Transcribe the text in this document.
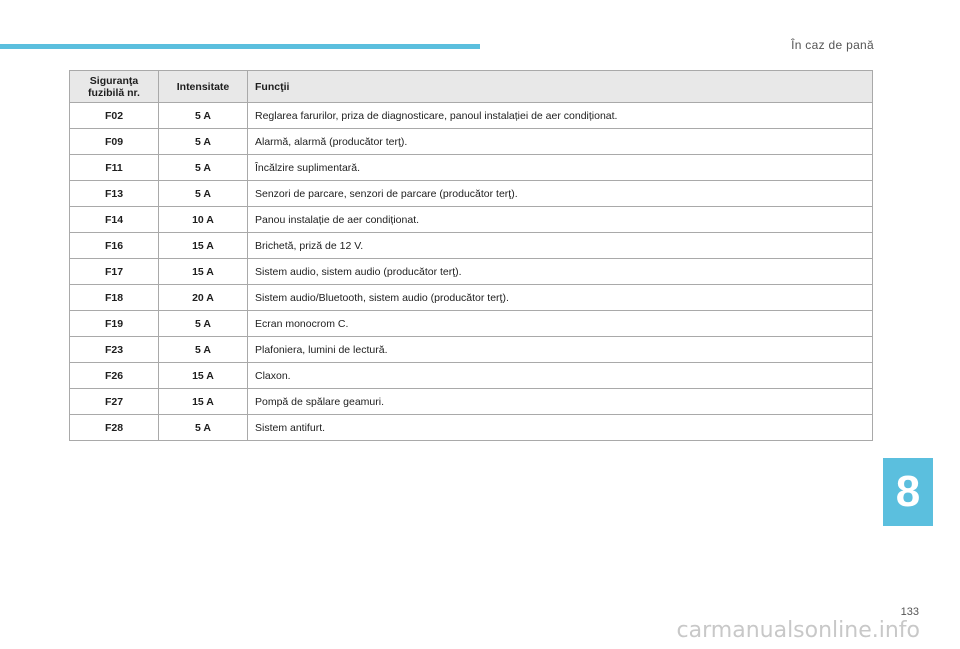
În caz de pană
Siguranţa fuzibilă nr.	Intensitate	Funcţii
F02	5 A	Reglarea farurilor, priza de diagnosticare, panoul instalației de aer condiționat.
F09	5 A	Alarmă, alarmă (producător terţ).
F11	5 A	Încălzire suplimentară.
F13	5 A	Senzori de parcare, senzori de parcare (producător terţ).
F14	10 A	Panou instalație de aer condiționat.
F16	15 A	Brichetă, priză de 12 V.
F17	15 A	Sistem audio, sistem audio (producător terţ).
F18	20 A	Sistem audio/Bluetooth, sistem audio (producător terţ).
F19	5 A	Ecran monocrom C.
F23	5 A	Plafoniera, lumini de lectură.
F26	15 A	Claxon.
F27	15 A	Pompă de spălare geamuri.
F28	5 A	Sistem antifurt.
8
133
carmanualsonline.info
